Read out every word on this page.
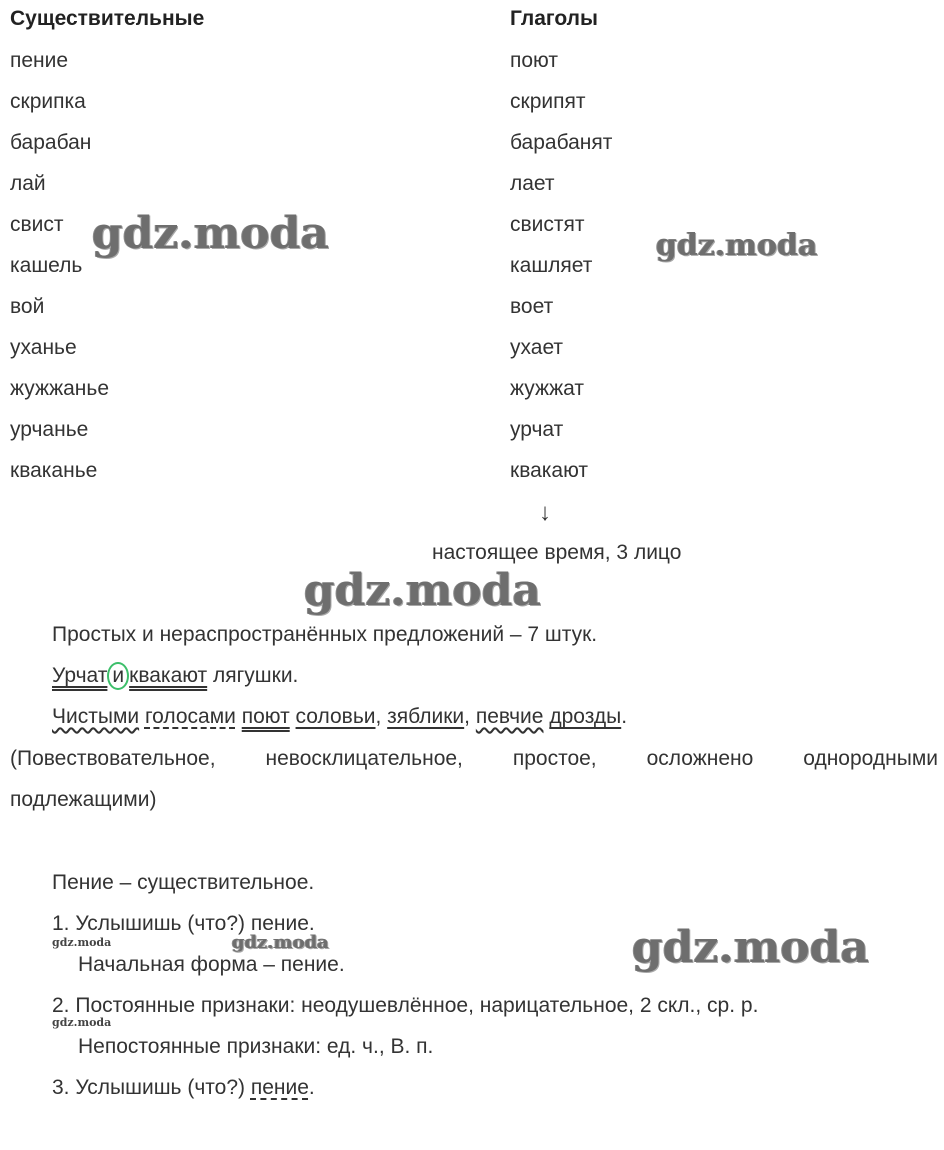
Существительные	Глаголы
пение
скрипка
барабан
лай
свист
кашель
вой
уханье
жужжанье
урчанье
кваканье
поют
скрипят
барабанят
лает
свистят
кашляет
воет
ухает
жужжат
урчат
квакают
↓
настоящее время, 3 лицо
Простых и нераспространённых предложений – 7 штук.
Урчат и квакают лягушки.
Чистыми голосами поют соловьи, зяблики, певчие дрозды.
(Повествовательное, невосклицательное, простое, осложнено однородными
подлежащими)
Пение – существительное.
1. Услышишь (что?) пение.
Начальная форма – пение.
2. Постоянные признаки: неодушевлённое, нарицательное, 2 скл., ср. р.
Непостоянные признаки: ед. ч., В. п.
3. Услышишь (что?) пение.
gdz.moda	gdz.moda
gdz.moda
gdz.moda
gdz.moda
gdz.moda
gdz.moda
